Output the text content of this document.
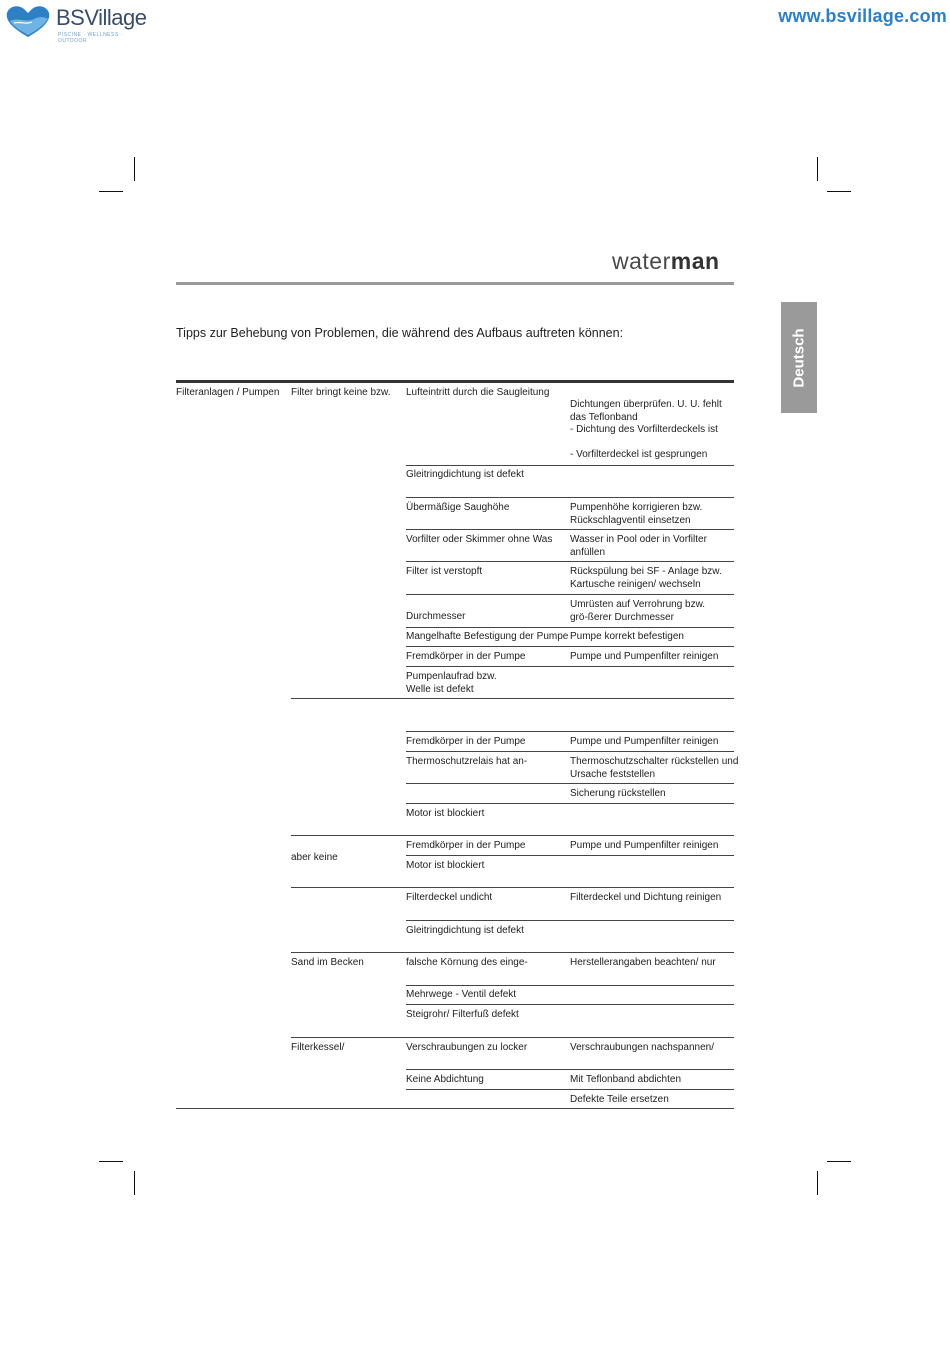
BSVillage
PISCINE · WELLNESS · OUTDOOR
www.bsvillage.com
waterman
Deutsch
Tipps zur Behebung von Problemen, die während des Aufbaus auftreten können:
Filteranlagen / Pumpen Filter bringt keine bzw.
aber keine
Sand im Becken
Filterkessel/
Lufteintritt durch die Saugleitung
Gleitringdichtung ist defekt
Übermäßige Saughöhe
Vorfilter oder Skimmer ohne Was
Filter ist verstopft
Durchmesser
Mangelhafte Befestigung der Pumpe
Fremdkörper in der Pumpe
Pumpenlaufrad bzw.
Welle ist defekt
Fremdkörper in der Pumpe
Thermoschutzrelais hat an-
Motor ist blockiert
Fremdkörper in der Pumpe
Motor ist blockiert
Filterdeckel undicht
Gleitringdichtung ist defekt
falsche Körnung des einge-
Mehrwege - Ventil defekt
Steigrohr/ Filterfuß defekt
Verschraubungen zu locker
Keine Abdichtung
Dichtungen überprüfen. U. U. fehlt
das Teflonband
- Dichtung des Vorfilterdeckels ist
- Vorfilterdeckel ist gesprungen
Pumpenhöhe korrigieren bzw.
Rückschlagventil einsetzen
Wasser in Pool oder in Vorfilter
anfüllen
Rückspülung bei SF - Anlage bzw.
Kartusche reinigen/ wechseln
Umrüsten auf Verrohrung bzw.
grö-ßerer Durchmesser
Pumpe korrekt befestigen
Pumpe und Pumpenfilter reinigen
Pumpe und Pumpenfilter reinigen
Thermoschutzschalter rückstellen und
Ursache feststellen
Sicherung rückstellen
Pumpe und Pumpenfilter reinigen
Filterdeckel und Dichtung reinigen
Herstellerangaben beachten/ nur
Verschraubungen nachspannen/
Mit Teflonband abdichten
Defekte Teile ersetzen
